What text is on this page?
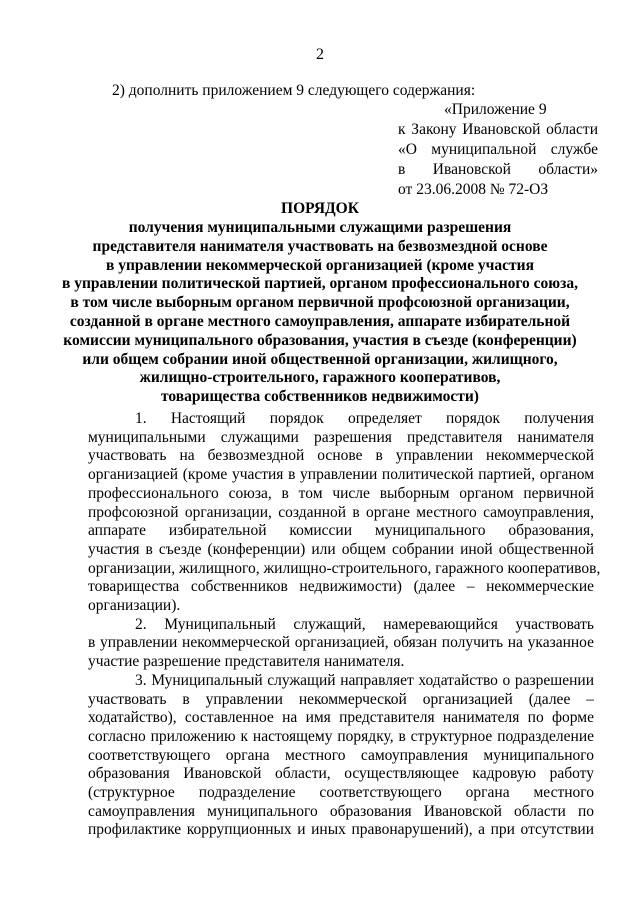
2
2) дополнить приложением 9 следующего содержания:
«Приложение 9
к Закону Ивановской области
«О муниципальной службе
в Ивановской области»
от 23.06.2008 № 72-ОЗ
ПОРЯДОК
получения муниципальными служащими разрешения
представителя нанимателя участвовать на безвозмездной основе
в управлении некоммерческой организацией (кроме участия
в управлении политической партией, органом профессионального союза,
в том числе выборным органом первичной профсоюзной организации,
созданной в органе местного самоуправления, аппарате избирательной
комиссии муниципального образования, участия в съезде (конференции)
или общем собрании иной общественной организации, жилищного,
жилищно-строительного, гаражного кооперативов,
товарищества собственников недвижимости)

1. Настоящий порядок определяет порядок получения
муниципальными служащими разрешения представителя нанимателя
участвовать на безвозмездной основе в управлении некоммерческой
организацией (кроме участия в управлении политической партией, органом
профессионального союза, в том числе выборным органом первичной
профсоюзной организации, созданной в органе местного самоуправления,
аппарате избирательной комиссии муниципального образования,
участия в съезде (конференции) или общем собрании иной общественной
организации, жилищного, жилищно-строительного, гаражного кооперативов,
товарищества собственников недвижимости) (далее – некоммерческие
организации).

2. Муниципальный служащий, намеревающийся участвовать
в управлении некоммерческой организацией, обязан получить на указанное
участие разрешение представителя нанимателя.

3. Муниципальный служащий направляет ходатайство о разрешении
участвовать в управлении некоммерческой организацией (далее –
ходатайство), составленное на имя представителя нанимателя по форме
согласно приложению к настоящему порядку, в структурное подразделение
соответствующего органа местного самоуправления муниципального
образования Ивановской области, осуществляющее кадровую работу
(структурное подразделение соответствующего органа местного
самоуправления муниципального образования Ивановской области по
профилактике коррупционных и иных правонарушений), а при отсутствии
